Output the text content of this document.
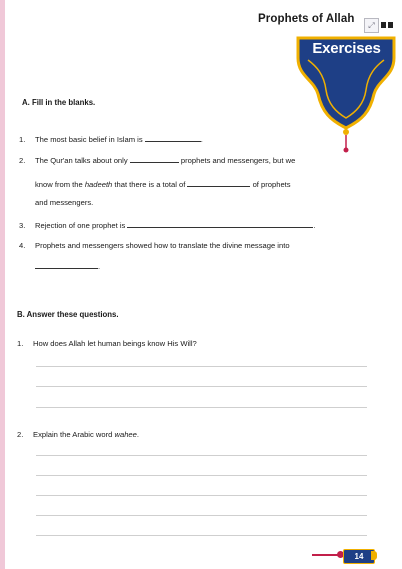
Prophets of Allah
⤢
Exercises
A. Fill in the blanks.
1. The most basic belief in Islam is	.
2. The Qur'an talks about only	prophets and messengers, but we
know from the hadeeth that there is a total of	of prophets
and messengers.
3. Rejection of one prophet is	.
4. Prophets and messengers showed how to translate the divine message into
.
B. Answer these questions.
1. How does Allah let human beings know His Will?
2. Explain the Arabic word wahee.
14
